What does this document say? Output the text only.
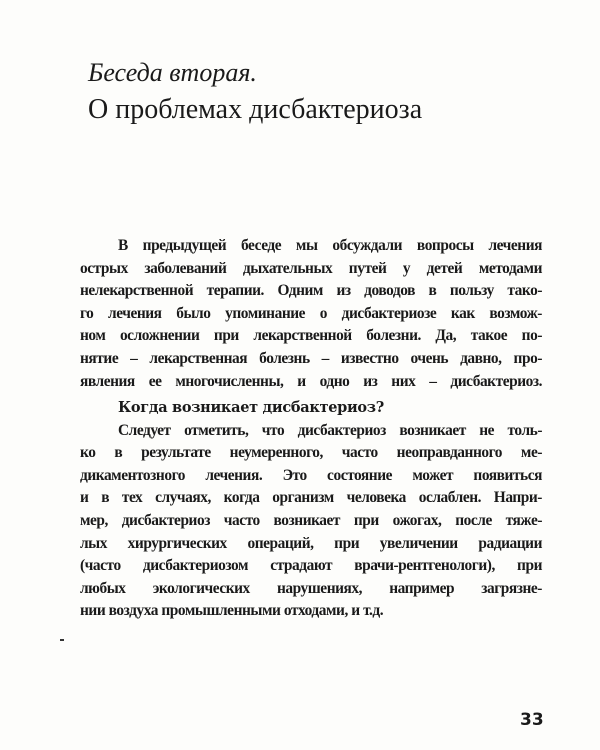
Беседа вторая.
О проблемах дисбактериоза
В предыдущей беседе мы обсуждали вопросы лечения
острых заболеваний дыхательных путей у детей методами
нелекарственной терапии. Одним из доводов в пользу тако-
го лечения было упоминание о дисбактериозе как возмож-
ном осложнении при лекарственной болезни. Да, такое по-
нятие – лекарственная болезнь – известно очень давно, про-
явления ее многочисленны, и одно из них – дисбактериоз.
Когда возникает дисбактериоз?
Следует отметить, что дисбактериоз возникает не толь-
ко в результате неумеренного, часто неоправданного ме-
дикаментозного лечения. Это состояние может появиться
и в тех случаях, когда организм человека ослаблен. Напри-
мер, дисбактериоз часто возникает при ожогах, после тяже-
лых хирургических операций, при увеличении радиации
(часто дисбактериозом страдают врачи-рентгенологи), при
любых экологических нарушениях, например загрязне-
нии воздуха промышленными отходами, и т.д.
33
